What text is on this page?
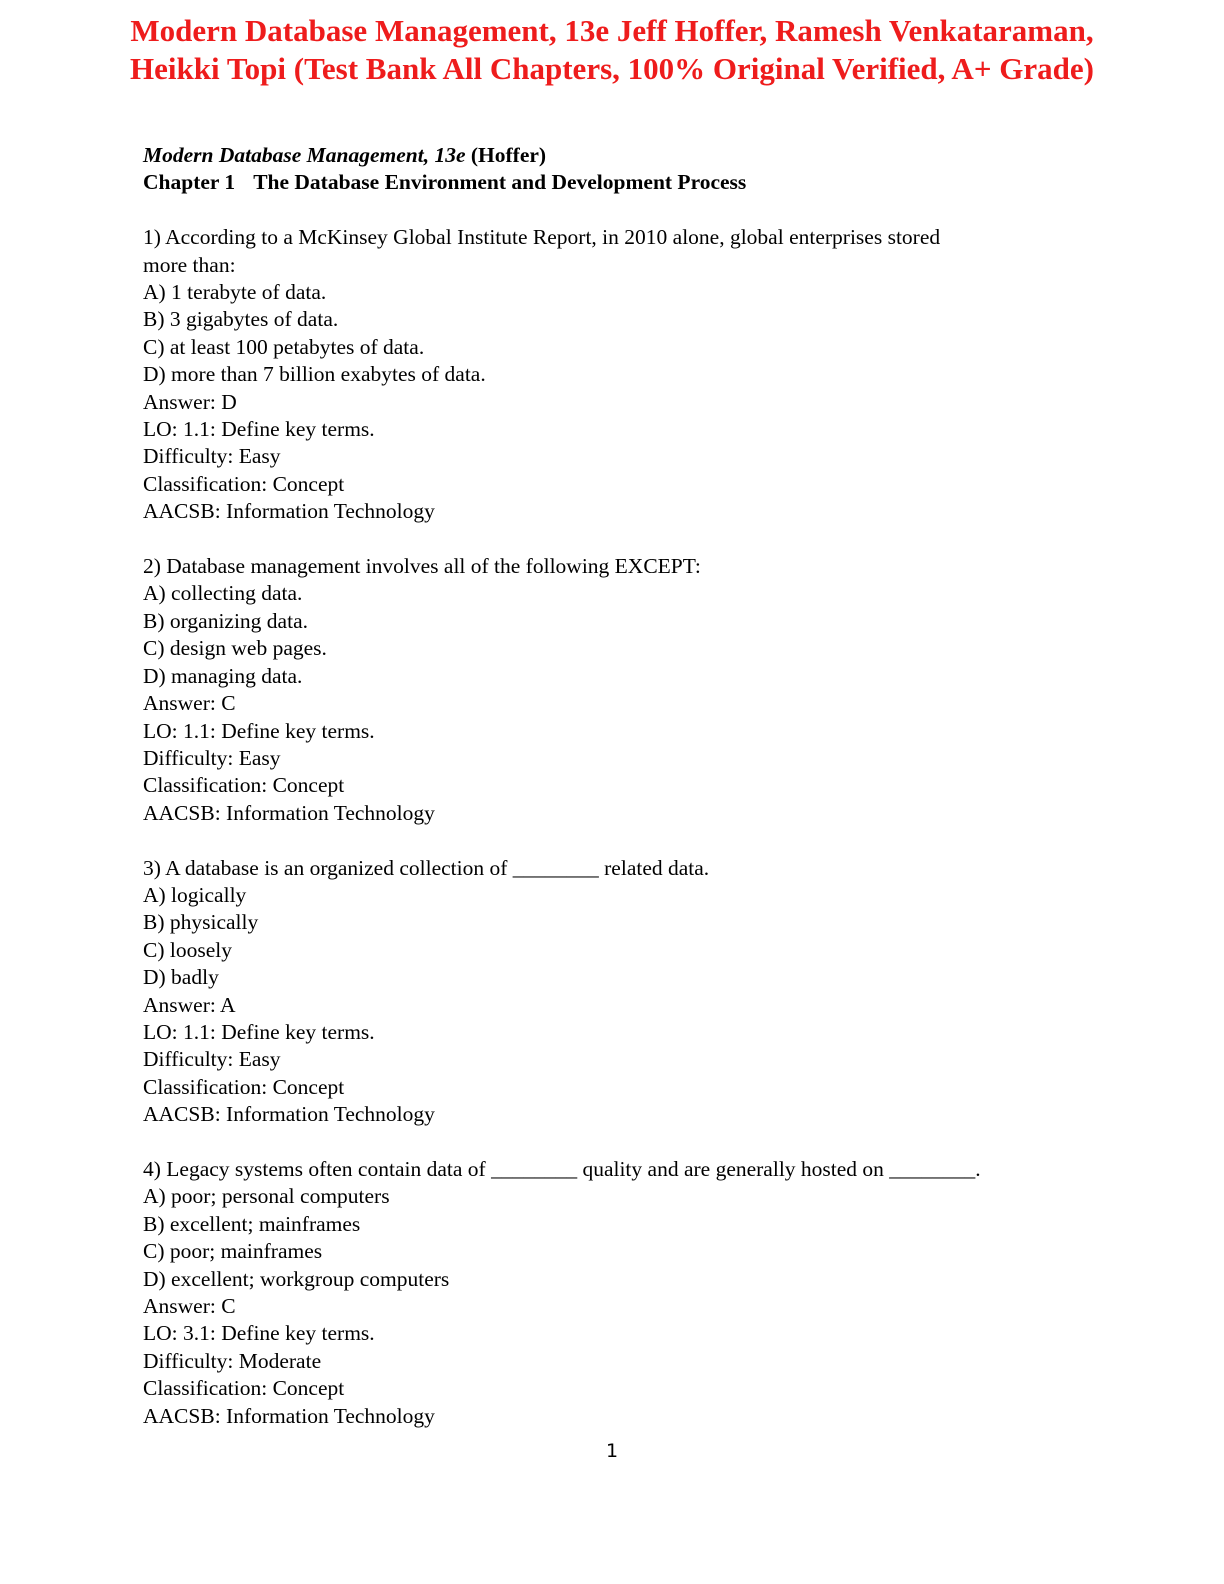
Modern Database Management, 13e Jeff Hoffer, Ramesh Venkataraman,
Heikki Topi (Test Bank All Chapters, 100% Original Verified, A+ Grade)
Modern Database Management, 13e (Hoffer)
Chapter 1 The Database Environment and Development Process
1) According to a McKinsey Global Institute Report, in 2010 alone, global enterprises stored
more than:
A) 1 terabyte of data.
B) 3 gigabytes of data.
C) at least 100 petabytes of data.
D) more than 7 billion exabytes of data.
Answer: D
LO: 1.1: Define key terms.
Difficulty: Easy
Classification: Concept
AACSB: Information Technology
2) Database management involves all of the following EXCEPT:
A) collecting data.
B) organizing data.
C) design web pages.
D) managing data.
Answer: C
LO: 1.1: Define key terms.
Difficulty: Easy
Classification: Concept
AACSB: Information Technology
3) A database is an organized collection of ________ related data.
A) logically
B) physically
C) loosely
D) badly
Answer: A
LO: 1.1: Define key terms.
Difficulty: Easy
Classification: Concept
AACSB: Information Technology
4) Legacy systems often contain data of ________ quality and are generally hosted on ________.
A) poor; personal computers
B) excellent; mainframes
C) poor; mainframes
D) excellent; workgroup computers
Answer: C
LO: 3.1: Define key terms.
Difficulty: Moderate
Classification: Concept
AACSB: Information Technology
1
